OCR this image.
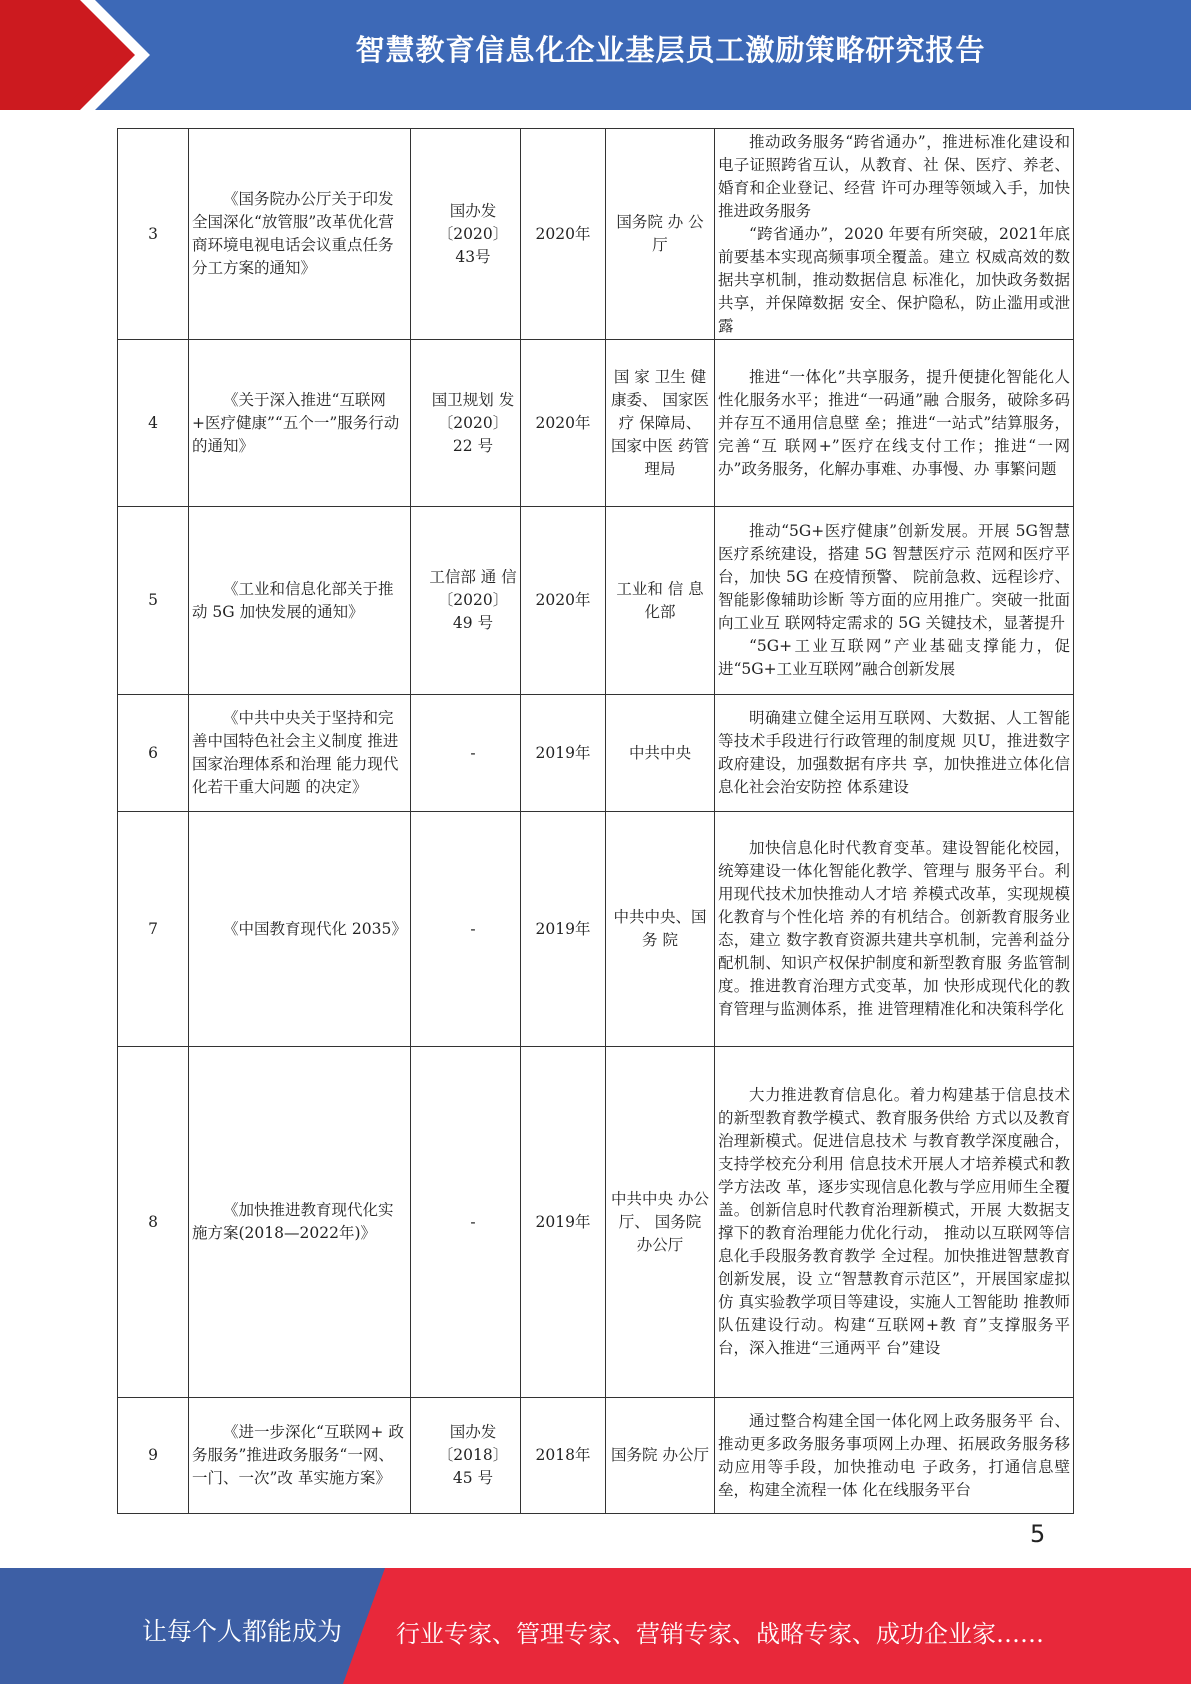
智慧教育信息化企业基层员工激励策略研究报告
3	《国务院办公厅关于印发 全国深化“放管服”改革优化营商环境电视电话会议重点任务分工方案的通知》	国办发〔2020〕43号	2020年	国务院 办 公厅	推动政务服务“跨省通办”，推进标准化建设和电子证照跨省互认，从教育、社 保、医疗、养老、婚育和企业登记、经营 许可办理等领域入手，加快推进政务服务

“跨省通办”，2020 年要有所突破，2021年底前要基本实现高频事项全覆盖。建立 权威高效的数据共享机制，推动数据信息 标准化，加快政务数据共享，并保障数据 安全、保护隐私，防止滥用或泄露

4	《关于深入推进“互联网 +医疗健康”“五个一”服务行动的通知》	国卫规划 发〔2020〕22 号	2020年	国 家 卫生 健康委、 国家医疗 保障局、 国家中医 药管理局	推进“一体化”共享服务，提升便捷化智能化人性化服务水平；推进“一码通”融 合服务，破除多码并存互不通用信息壁 垒；推进“一站式”结算服务，完善“互 联网+”医疗在线支付工作；推进“一网 办”政务服务，化解办事难、办事慢、办 事繁问题

5	《工业和信息化部关于推动 5G 加快发展的通知》	工信部 通 信 〔2020〕 49 号	2020年	工业和 信 息化部	推动“5G+医疗健康”创新发展。开展 5G智慧医疗系统建设，搭建 5G 智慧医疗示 范网和医疗平台，加快 5G 在疫情预警、 院前急救、远程诊疗、智能影像辅助诊断 等方面的应用推广。突破一批面向工业互 联网特定需求的 5G 关键技术，显著提升

“5G+工业互联网”产业基础支撑能力，促进“5G+工业互联网”融合创新发展

6	《中共中央关于坚持和完 善中国特色社会主义制度 推进国家治理体系和治理 能力现代化若干重大问题 的决定》	-	2019年	中共中央	明确建立健全运用互联网、大数据、人工智能等技术手段进行行政管理的制度规 贝U，推进数字政府建设，加强数据有序共 享，加快推进立体化信息化社会治安防控 体系建设

7	《中国教育现代化 2035》	-	2019年	中共中央、国务 院	加快信息化时代教育变革。建设智能化校园，统筹建设一体化智能化教学、管理与 服务平台。利用现代技术加快推动人才培 养模式改革，实现规模化教育与个性化培 养的有机结合。创新教育服务业态，建立 数字教育资源共建共享机制，完善利益分 配机制、知识产权保护制度和新型教育服 务监管制度。推进教育治理方式变革，加 快形成现代化的教育管理与监测体系，推 进管理精准化和决策科学化

8	《加快推进教育现代化实 施方案(2018—2022年)》	-	2019年	中共中央 办公厅、 国务院 办公厅	大力推进教育信息化。着力构建基于信息技术的新型教育教学模式、教育服务供给 方式以及教育治理新模式。促进信息技术 与教育教学深度融合，支持学校充分利用 信息技术开展人才培养模式和教学方法改 革，逐步实现信息化教与学应用师生全覆 盖。创新信息时代教育治理新模式，开展 大数据支撑下的教育治理能力优化行动， 推动以互联网等信息化手段服务教育教学 全过程。加快推进智慧教育创新发展，设 立“智慧教育示范区”，开展国家虚拟仿 真实验教学项目等建设，实施人工智能助 推教师队伍建设行动。构建“互联网+教 育”支撑服务平台，深入推进“三通两平 台”建设

9	《进一步深化“互联网+ 政务服务”推进政务服务“一网、一门、一次”改 革实施方案》	国办发〔2018〕45 号	2018年	国务院 办公厅	通过整合构建全国一体化网上政务服务平 台、推动更多政务服务事项网上办理、拓展政务服务移动应用等手段，加快推动电 子政务，打通信息壁垒，构建全流程一体 化在线服务平台

5
让每个人都能成为 行业专家、管理专家、营销专家、战略专家、成功企业家……
